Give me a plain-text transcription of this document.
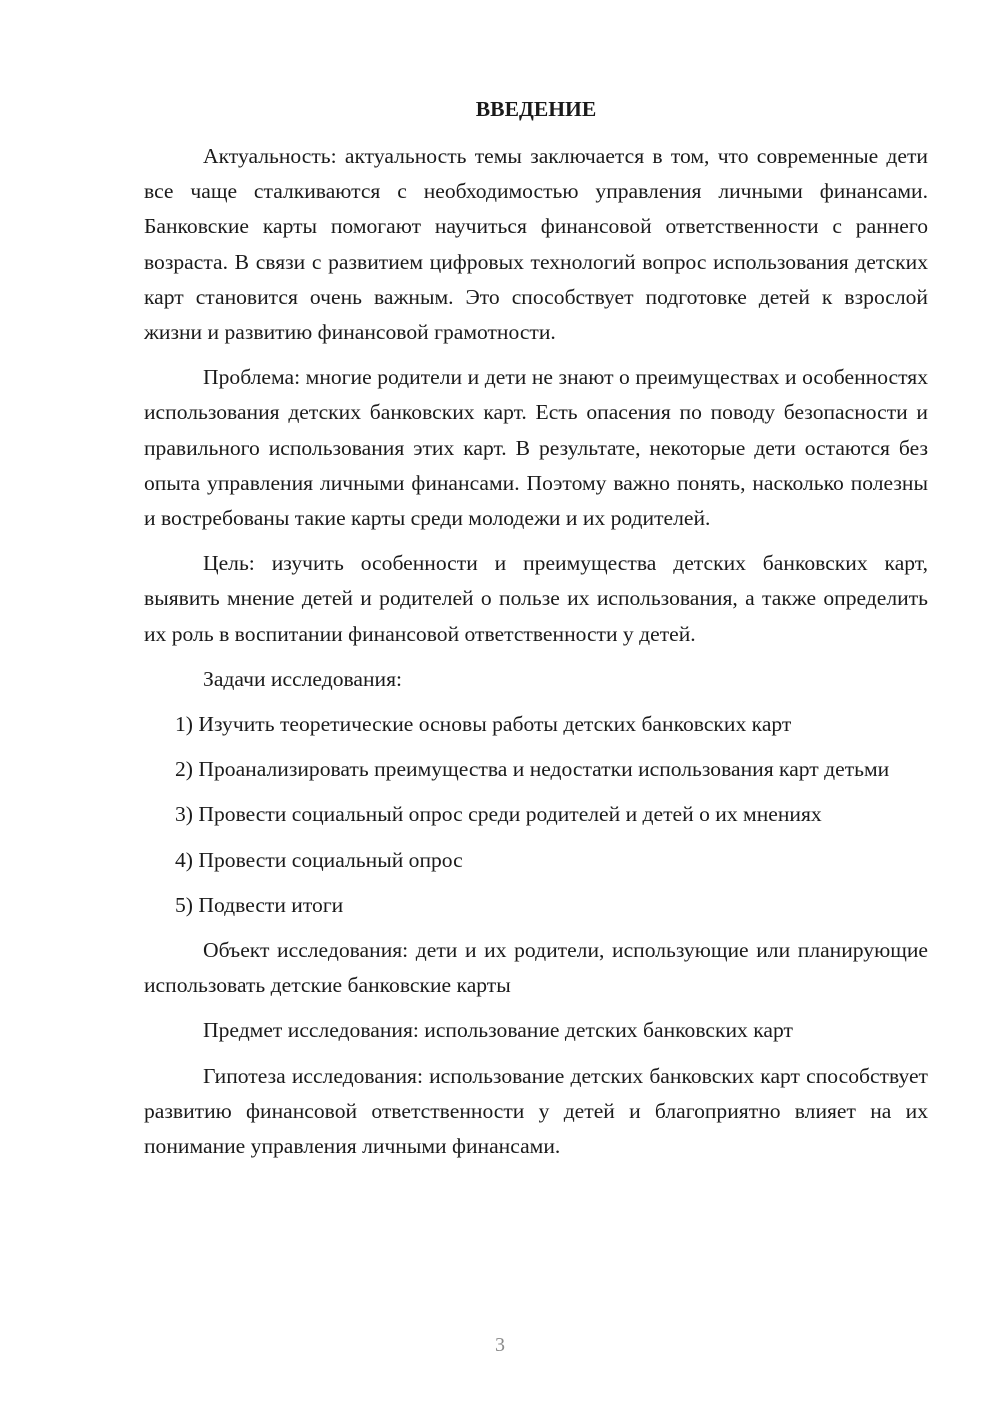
ВВЕДЕНИЕ

Актуальность: актуальность темы заключается в том, что современные дети все чаще сталкиваются с необходимостью управления личными финансами. Банковские карты помогают научиться финансовой ответственности с раннего возраста. В связи с развитием цифровых технологий вопрос использования детских карт становится очень важным. Это способствует подготовке детей к взрослой жизни и развитию финансовой грамотности.

Проблема: многие родители и дети не знают о преимуществах и особенностях использования детских банковских карт. Есть опасения по поводу безопасности и правильного использования этих карт. В результате, некоторые дети остаются без опыта управления личными финансами. Поэтому важно понять, насколько полезны и востребованы такие карты среди молодежи и их родителей.

Цель: изучить особенности и преимущества детских банковских карт, выявить мнение детей и родителей о пользе их использования, а также определить их роль в воспитании финансовой ответственности у детей.

Задачи исследования:

1) Изучить теоретические основы работы детских банковских карт

2) Проанализировать преимущества и недостатки использования карт детьми

3) Провести социальный опрос среди родителей и детей о их мнениях

4) Провести социальный опрос

5) Подвести итоги

Объект исследования: дети и их родители, использующие или планирующие использовать детские банковские карты

Предмет исследования: использование детских банковских карт

Гипотеза исследования: использование детских банковских карт способствует развитию финансовой ответственности у детей и благоприятно влияет на их понимание управления личными финансами.

3
